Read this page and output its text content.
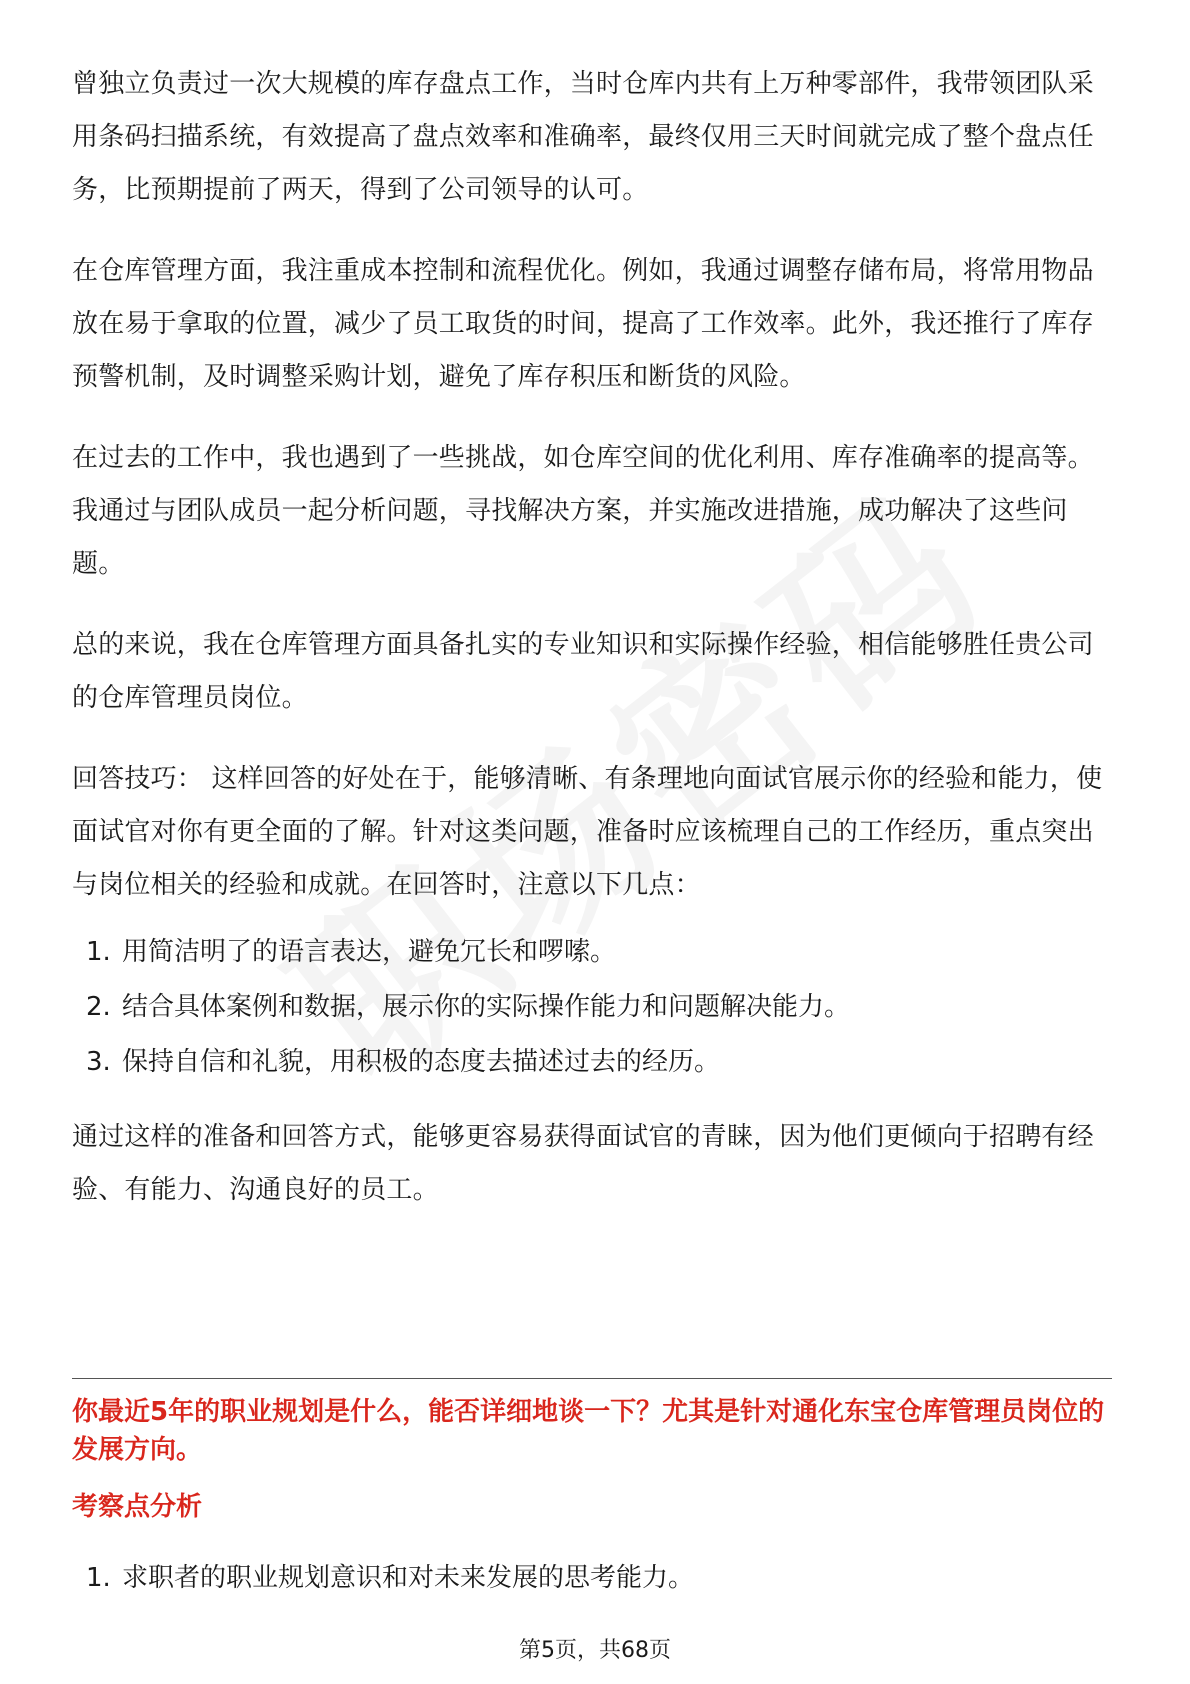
曾独立负责过一次大规模的库存盘点工作，当时仓库内共有上万种零部件，我带领团队采用条码扫描系统，有效提高了盘点效率和准确率，最终仅用三天时间就完成了整个盘点任务，比预期提前了两天，得到了公司领导的认可。

在仓库管理方面，我注重成本控制和流程优化。例如，我通过调整存储布局，将常用物品放在易于拿取的位置，减少了员工取货的时间，提高了工作效率。此外，我还推行了库存预警机制，及时调整采购计划，避免了库存积压和断货的风险。

在过去的工作中，我也遇到了一些挑战，如仓库空间的优化利用、库存准确率的提高等。我通过与团队成员一起分析问题，寻找解决方案，并实施改进措施，成功解决了这些问题。

总的来说，我在仓库管理方面具备扎实的专业知识和实际操作经验，相信能够胜任贵公司的仓库管理员岗位。

回答技巧： 这样回答的好处在于，能够清晰、有条理地向面试官展示你的经验和能力，使面试官对你有更全面的了解。针对这类问题，准备时应该梳理自己的工作经历，重点突出与岗位相关的经验和成就。在回答时，注意以下几点：

1. 用简洁明了的语言表达，避免冗长和啰嗦。
2. 结合具体案例和数据，展示你的实际操作能力和问题解决能力。
3. 保持自信和礼貌，用积极的态度去描述过去的经历。

通过这样的准备和回答方式，能够更容易获得面试官的青睐，因为他们更倾向于招聘有经验、有能力、沟通良好的员工。

你最近5年的职业规划是什么，能否详细地谈一下？尤其是针对通化东宝仓库管理员岗位的发展方向。
考察点分析
1. 求职者的职业规划意识和对未来发展的思考能力。
第5页，共68页
